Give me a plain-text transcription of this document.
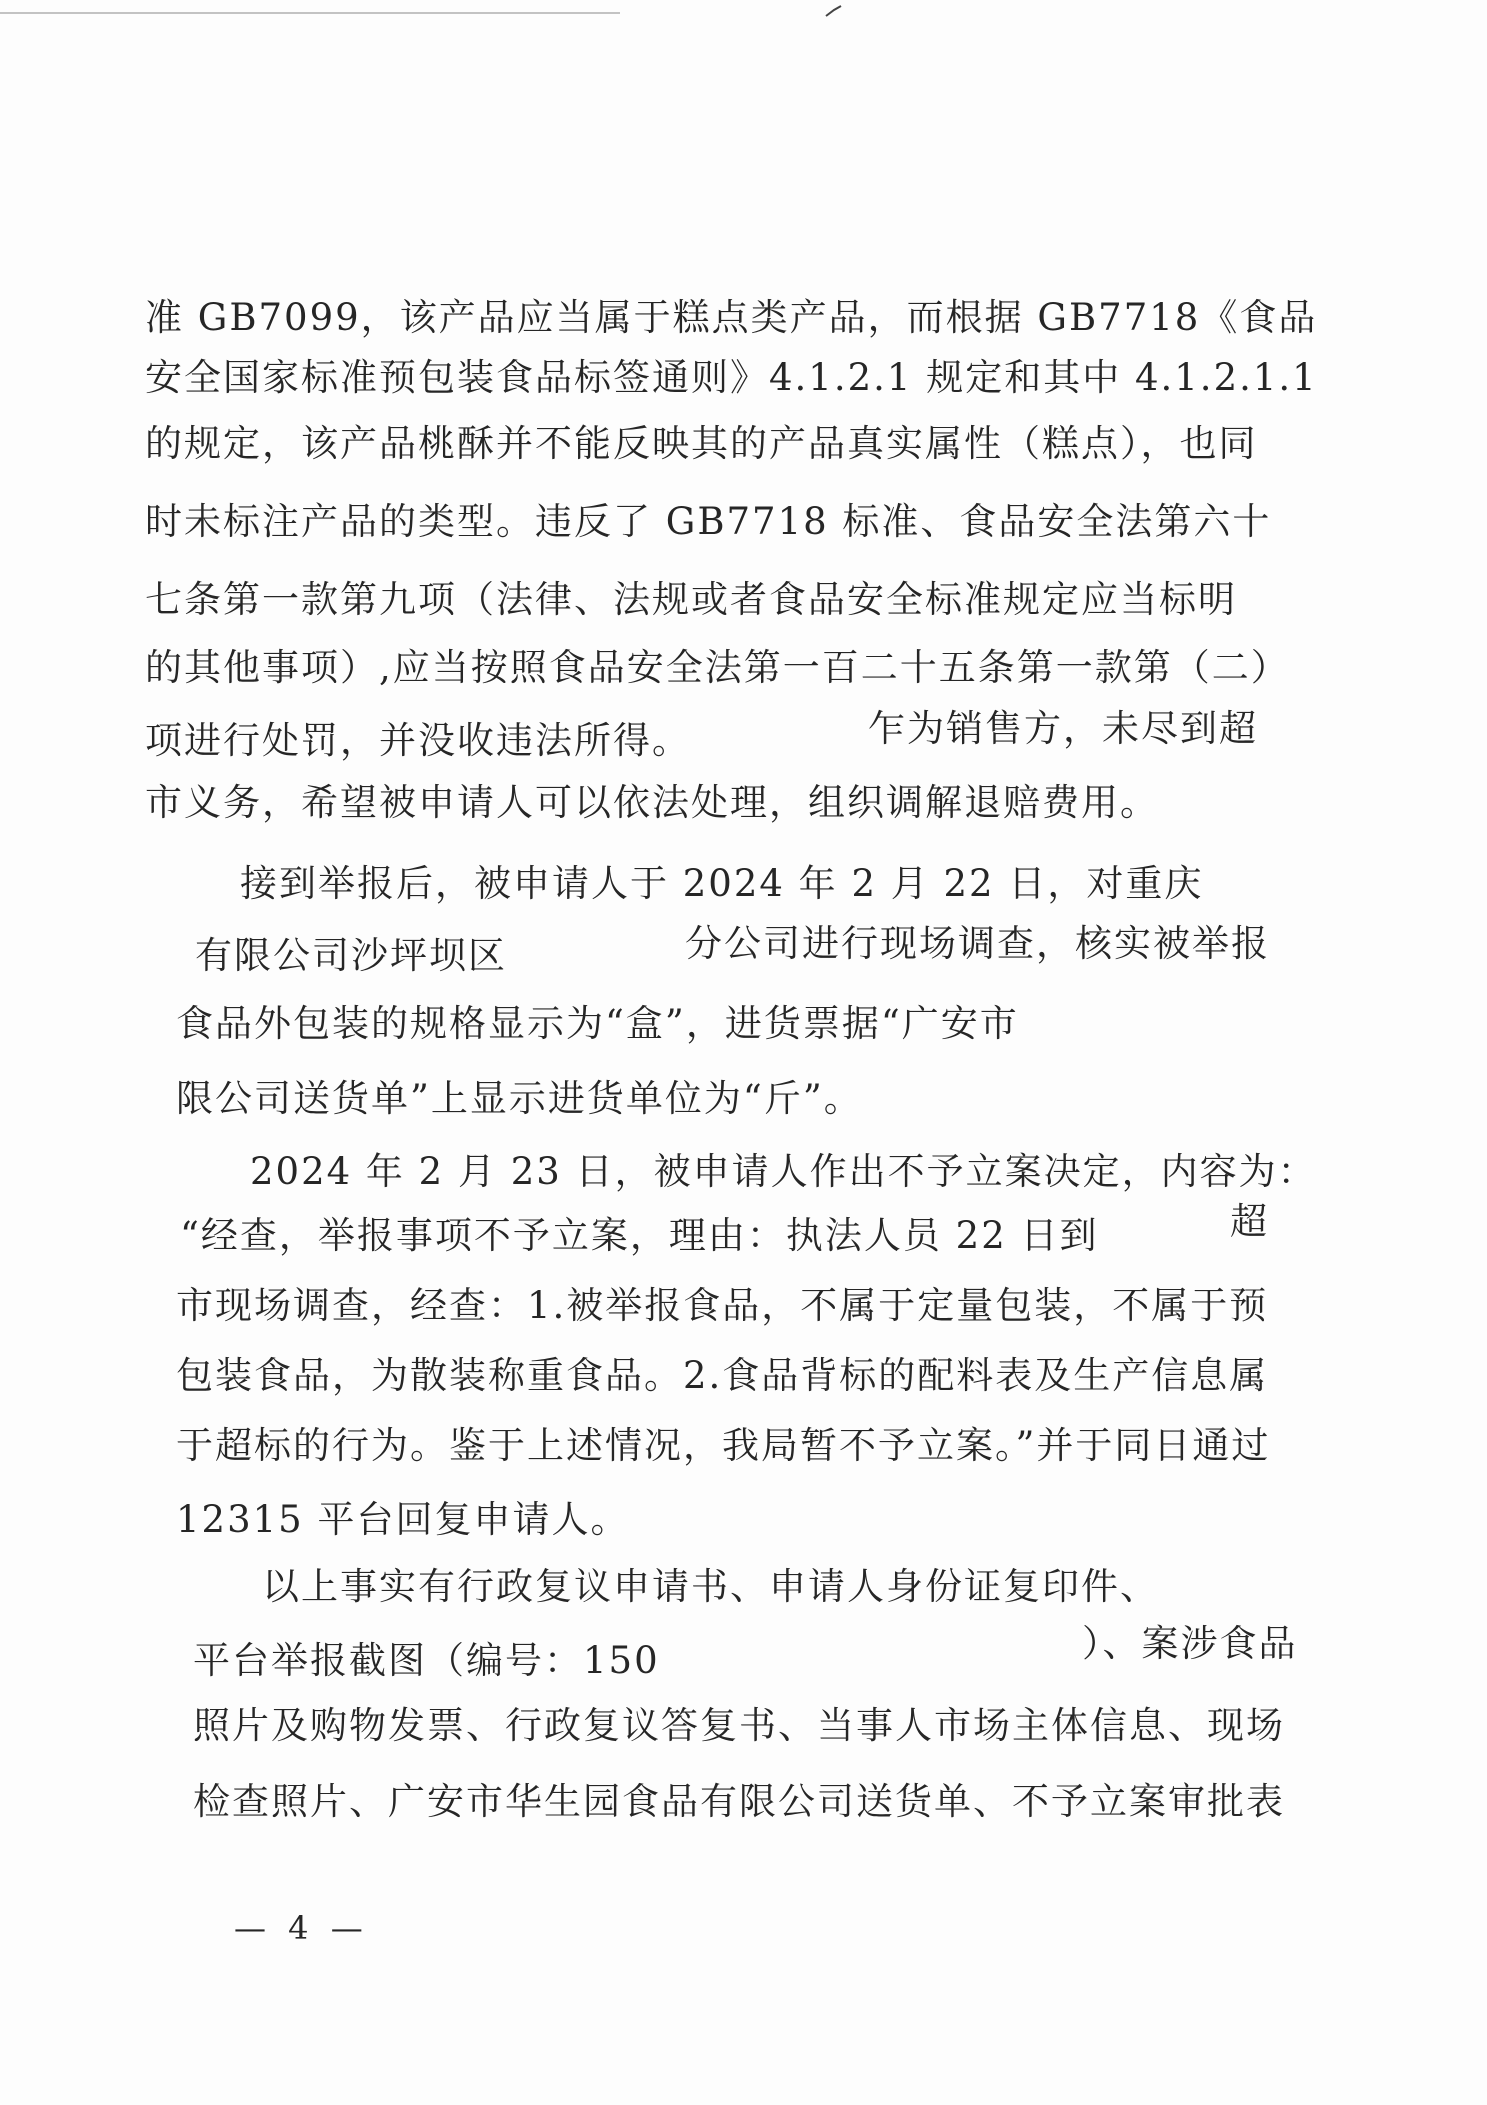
准 GB7099，该产品应当属于糕点类产品，而根据 GB7718《食品
安全国家标准预包装食品标签通则》4.1.2.1 规定和其中 4.1.2.1.1
的规定，该产品桃酥并不能反映其的产品真实属性（糕点），也同
时未标注产品的类型。违反了 GB7718 标准、食品安全法第六十
七条第一款第九项（法律、法规或者食品安全标准规定应当标明
的其他事项）,应当按照食品安全法第一百二十五条第一款第（二）
项进行处罚，并没收违法所得。	乍为销售方，未尽到超
市义务，希望被申请人可以依法处理，组织调解退赔费用。
接到举报后，被申请人于 2024 年 2 月 22 日，对重庆
有限公司沙坪坝区	分公司进行现场调查，核实被举报
食品外包装的规格显示为“盒”，进货票据“广安市
限公司送货单”上显示进货单位为“斤”。
2024 年 2 月 23 日，被申请人作出不予立案决定，内容为：
“经查，举报事项不予立案，理由：执法人员 22 日到	超
市现场调查，经查：1.被举报食品，不属于定量包装，不属于预
包装食品，为散装称重食品。2.食品背标的配料表及生产信息属
于超标的行为。鉴于上述情况，我局暂不予立案。”并于同日通过
12315 平台回复申请人。
以上事实有行政复议申请书、申请人身份证复印件、
平台举报截图（编号：150	）、案涉食品
照片及购物发票、行政复议答复书、当事人市场主体信息、现场
检查照片、广安市华生园食品有限公司送货单、不予立案审批表
— 4 —
